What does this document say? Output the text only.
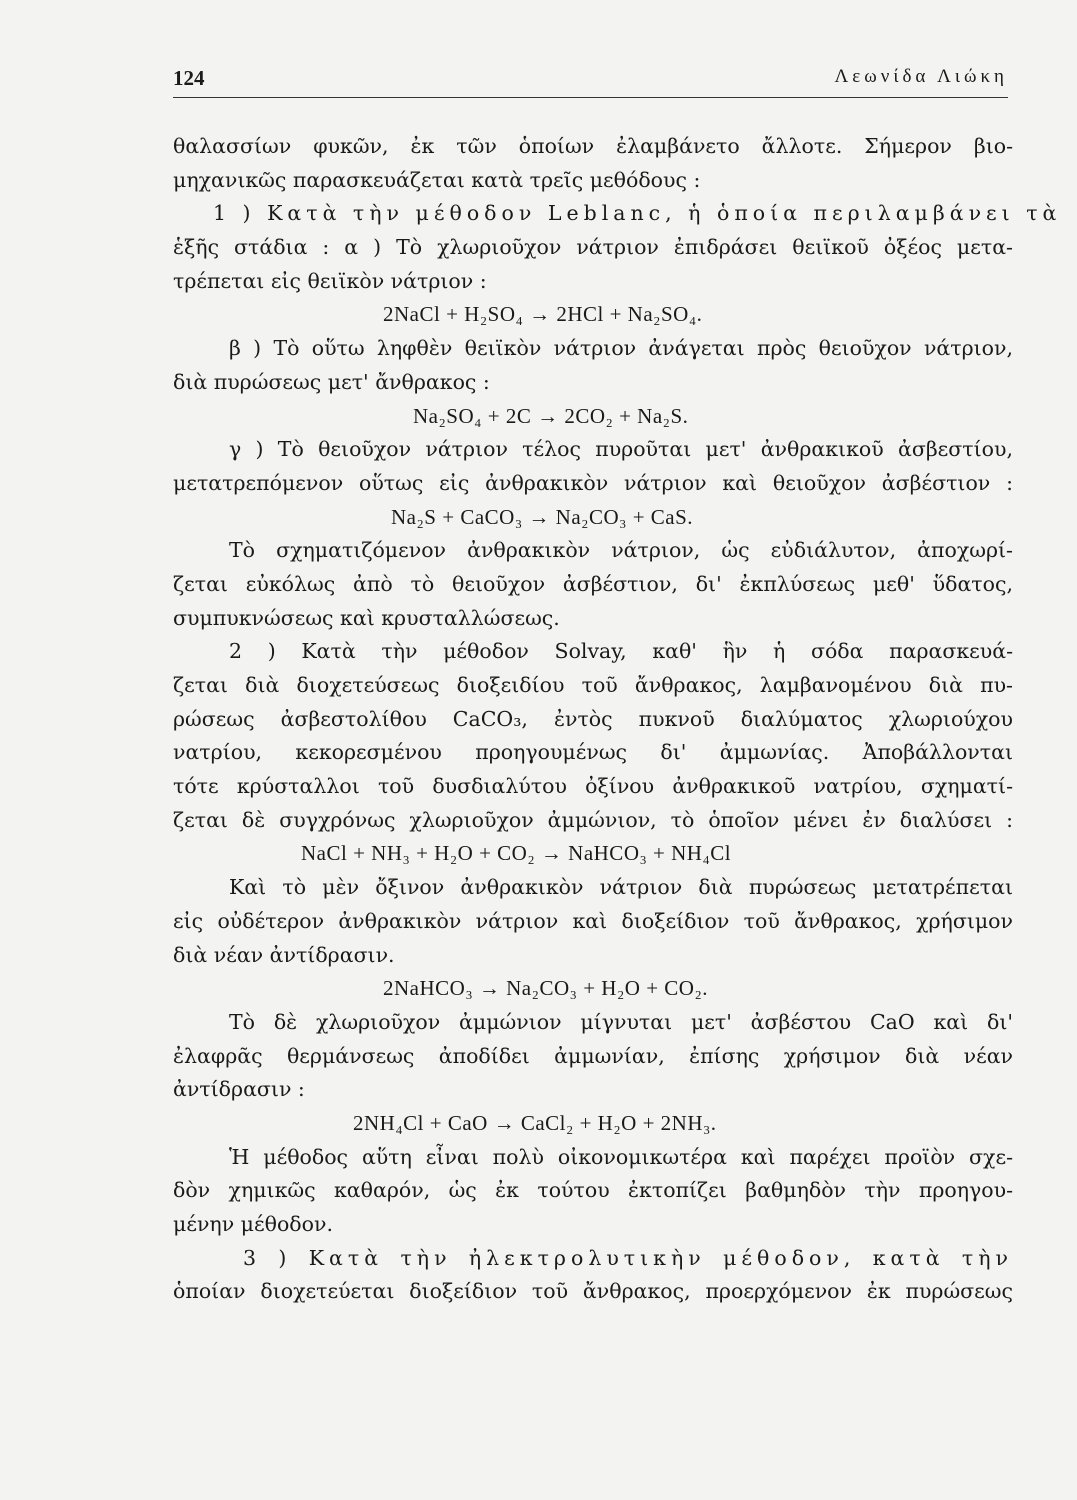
124	Λεωνίδα Λιώκη
θαλασσίων φυκῶν, ἐκ τῶν ὁποίων ἐλαμβάνετο ἄλλοτε. Σήμερον βιο-
μηχανικῶς παρασκευάζεται κατὰ τρεῖς μεθόδους :
1 ) Κατὰ τὴν μέθοδον Leblanc, ἡ ὁποία περιλαμβάνει τὰ
ἑξῆς στάδια : α ) Τὸ χλωριοῦχον νάτριον ἐπιδράσει θειϊκοῦ ὀξέος μετα-
τρέπεται εἰς θειϊκὸν νάτριον :
2NaCl + H₂SO₄ → 2HCl + Na₂SO₄.
β ) Τὸ οὕτω ληφθὲν θειϊκὸν νάτριον ἀνάγεται πρὸς θειοῦχον νάτριον,
διὰ πυρώσεως μετ' ἄνθρακος :
Na₂SO₄ + 2C → 2CO₂ + Na₂S.
γ ) Τὸ θειοῦχον νάτριον τέλος πυροῦται μετ' ἀνθρακικοῦ ἀσβεστίου,
μετατρεπόμενον οὕτως εἰς ἀνθρακικὸν νάτριον καὶ θειοῦχον ἀσβέστιον :
Na₂S + CaCO₃ → Na₂CO₃ + CaS.
Τὸ σχηματιζόμενον ἀνθρακικὸν νάτριον, ὡς εὐδιάλυτον, ἀποχωρί-
ζεται εὐκόλως ἀπὸ τὸ θειοῦχον ἀσβέστιον, δι' ἐκπλύσεως μεθ' ὕδατος,
συμπυκνώσεως καὶ κρυσταλλώσεως.
2 ) Κατὰ τὴν μέθοδον Solvay, καθ' ἣν ἡ σόδα παρασκευά-
ζεται διὰ διοχετεύσεως διοξειδίου τοῦ ἄνθρακος, λαμβανομένου διὰ πυ-
ρώσεως ἀσβεστολίθου CaCO₃, ἐντὸς πυκνοῦ διαλύματος χλωριούχου
νατρίου, κεκορεσμένου προηγουμένως δι' ἀμμωνίας. Ἀποβάλλονται
τότε κρύσταλλοι τοῦ δυσδιαλύτου ὀξίνου ἀνθρακικοῦ νατρίου, σχηματί-
ζεται δὲ συγχρόνως χλωριοῦχον ἀμμώνιον, τὸ ὁποῖον μένει ἐν διαλύσει :
NaCl + NH₃ + H₂O + CO₂ → NaHCO₃ + NH₄Cl
Καὶ τὸ μὲν ὄξινον ἀνθρακικὸν νάτριον διὰ πυρώσεως μετατρέπεται
εἰς οὐδέτερον ἀνθρακικὸν νάτριον καὶ διοξείδιον τοῦ ἄνθρακος, χρήσιμον
διὰ νέαν ἀντίδρασιν.
2NaHCO₃ → Na₂CO₃ + H₂O + CO₂.
Τὸ δὲ χλωριοῦχον ἀμμώνιον μίγνυται μετ' ἀσβέστου CaO καὶ δι'
ἐλαφρᾶς θερμάνσεως ἀποδίδει ἀμμωνίαν, ἐπίσης χρήσιμον διὰ νέαν
ἀντίδρασιν :
2NH₄Cl + CaO → CaCl₂ + H₂O + 2NH₃.
Ἡ μέθοδος αὕτη εἶναι πολὺ οἰκονομικωτέρα καὶ παρέχει προϊὸν σχε-
δὸν χημικῶς καθαρόν, ὡς ἐκ τούτου ἐκτοπίζει βαθμηδὸν τὴν προηγου-
μένην μέθοδον.
3 ) Κατὰ τὴν ἠλεκτρολυτικὴν μέθοδον, κατὰ τὴν
ὁποίαν διοχετεύεται διοξείδιον τοῦ ἄνθρακος, προερχόμενον ἐκ πυρώσεως
